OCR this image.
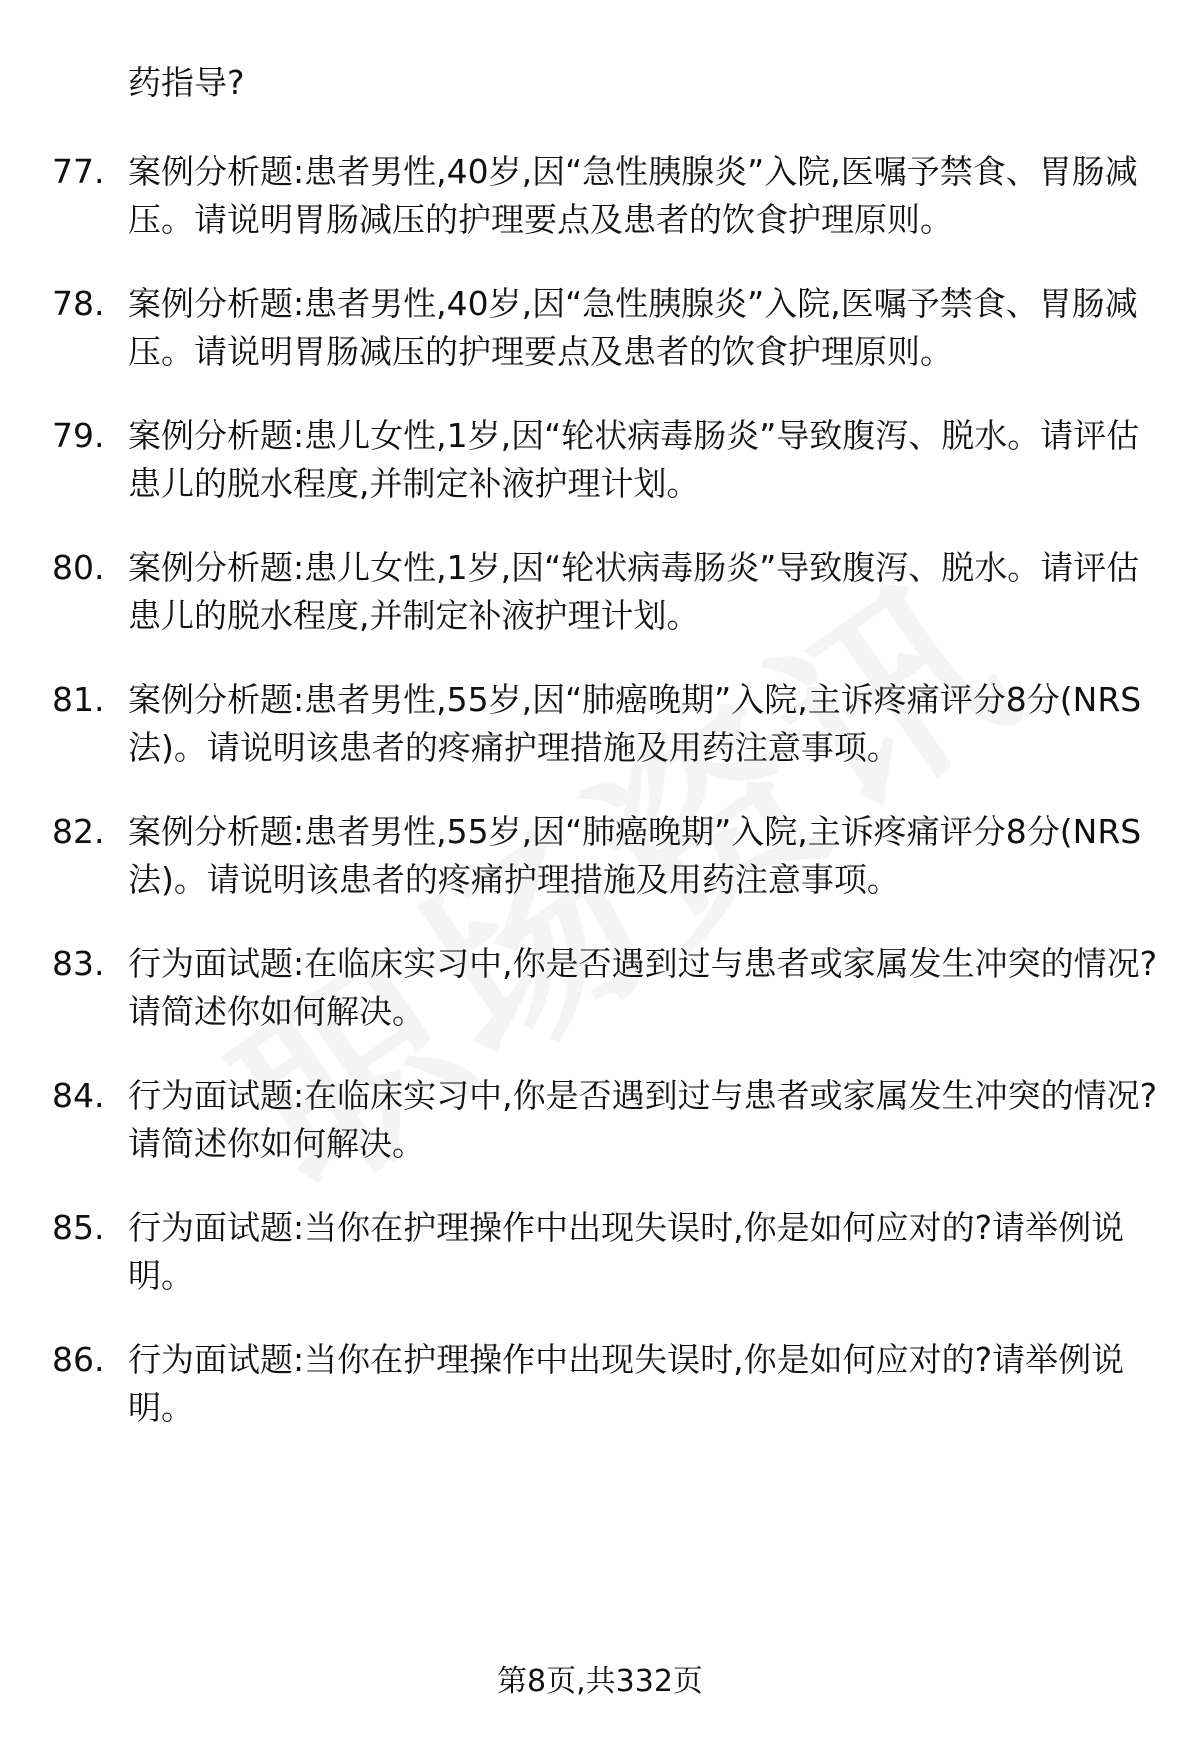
药指导?

77. 案例分析题:患者男性,40岁,因“急性胰腺炎”入院,医嘱予禁食、胃肠减压。请说明胃肠减压的护理要点及患者的饮食护理原则。
78. 案例分析题:患者男性,40岁,因“急性胰腺炎”入院,医嘱予禁食、胃肠减压。请说明胃肠减压的护理要点及患者的饮食护理原则。
79. 案例分析题:患儿女性,1岁,因“轮状病毒肠炎”导致腹泻、脱水。请评估患儿的脱水程度,并制定补液护理计划。
80. 案例分析题:患儿女性,1岁,因“轮状病毒肠炎”导致腹泻、脱水。请评估患儿的脱水程度,并制定补液护理计划。
81. 案例分析题:患者男性,55岁,因“肺癌晚期”入院,主诉疼痛评分8分(NRS法)。请说明该患者的疼痛护理措施及用药注意事项。
82. 案例分析题:患者男性,55岁,因“肺癌晚期”入院,主诉疼痛评分8分(NRS法)。请说明该患者的疼痛护理措施及用药注意事项。
83. 行为面试题:在临床实习中,你是否遇到过与患者或家属发生冲突的情况?请简述你如何解决。
84. 行为面试题:在临床实习中,你是否遇到过与患者或家属发生冲突的情况?请简述你如何解决。
85. 行为面试题:当你在护理操作中出现失误时,你是如何应对的?请举例说明。
86. 行为面试题:当你在护理操作中出现失误时,你是如何应对的?请举例说明。
第8页,共332页
